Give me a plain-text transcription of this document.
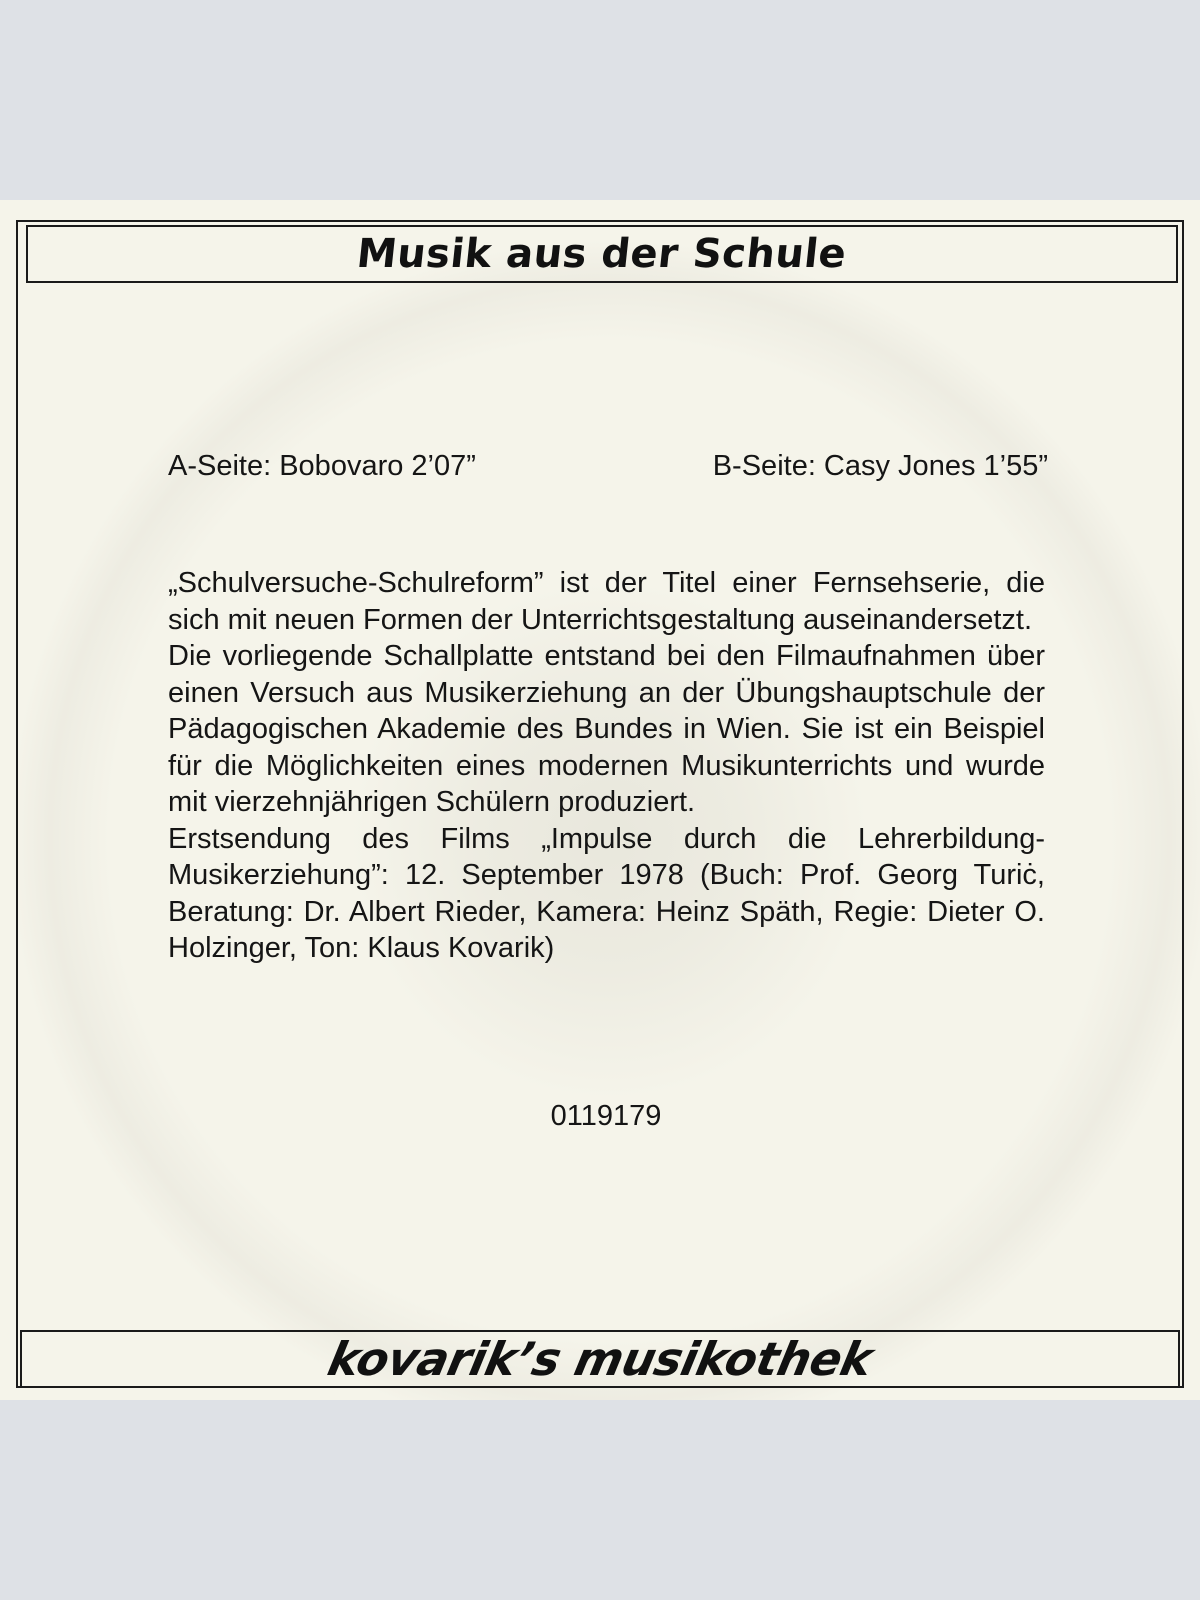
Musik aus der Schule
A-Seite: Bobovaro 2’07”	B-Seite: Casy Jones 1’55”

„Schulversuche-Schulreform” ist der Titel einer Fernsehserie, die sich mit neuen Formen der Unterrichtsgestaltung auseinandersetzt.

Die vorliegende Schallplatte entstand bei den Filmaufnahmen über einen Versuch aus Musikerziehung an der Übungshauptschule der Pädagogischen Akademie des Bundes in Wien. Sie ist ein Beispiel für die Möglichkeiten eines modernen Musikunterrichts und wurde mit vierzehnjährigen Schülern produziert.

Erstsendung des Films „Impulse durch die Lehrerbildung-Musikerziehung”: 12. September 1978 (Buch: Prof. Georg Turiċ, Beratung: Dr. Albert Rieder, Kamera: Heinz Späth, Regie: Dieter O. Holzinger, Ton: Klaus Kovarik)

0119179
kovarik’s musikothek
